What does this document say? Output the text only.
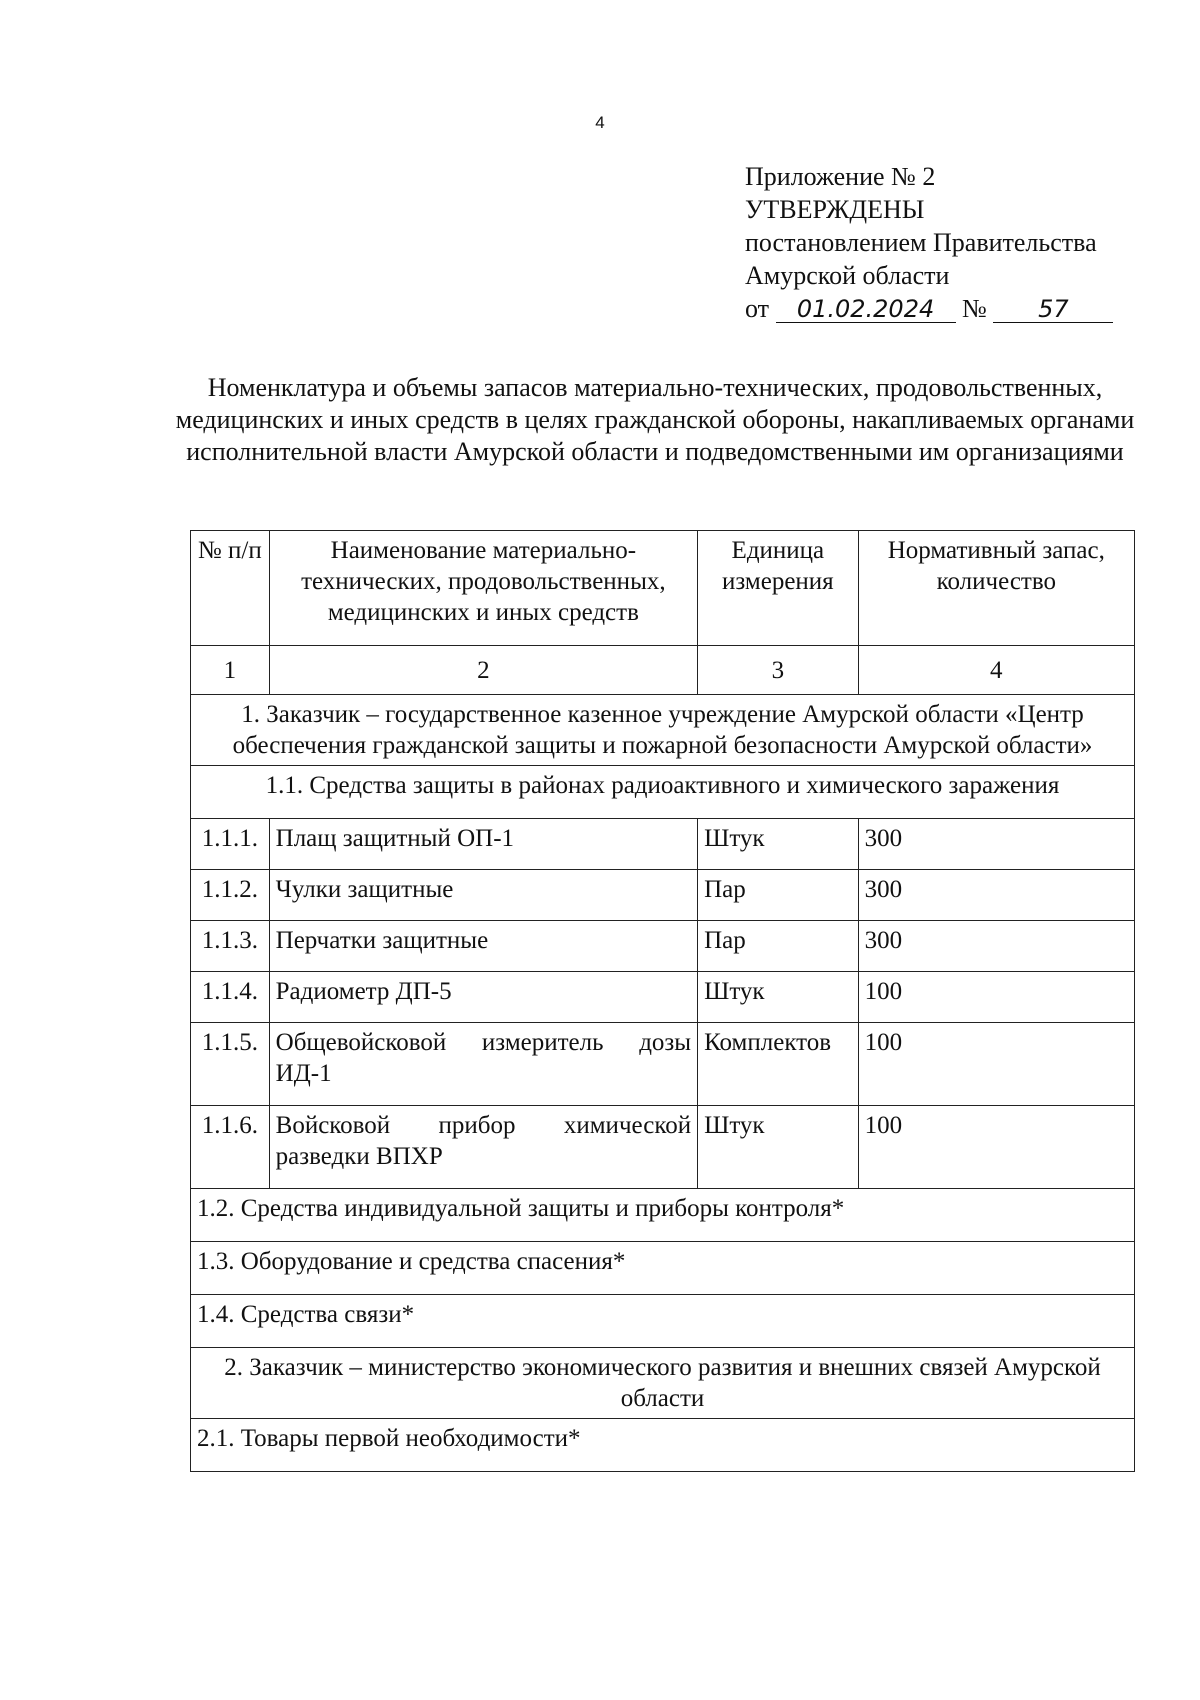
4
Приложение № 2
УТВЕРЖДЕНЫ
постановлением Правительства
Амурской области
от 01.02.2024 № 57
Номенклатура и объемы запасов материально-технических, продовольственных, медицинских и иных средств в целях гражданской обороны, накапливаемых органами исполнительной власти Амурской области и подведомственными им организациями
№ п/п	Наименование материально-технических, продовольственных, медицинских и иных средств	Единица измерения	Нормативный запас, количество
1	2	3	4
1. Заказчик – государственное казенное учреждение Амурской области «Центр обеспечения гражданской защиты и пожарной безопасности Амурской области»			
1.1. Средства защиты в районах радиоактивного и химического заражения			
1.1.1.	Плащ защитный ОП-1	Штук	300
1.1.2.	Чулки защитные	Пар	300
1.1.3.	Перчатки защитные	Пар	300
1.1.4.	Радиометр ДП-5	Штук	100
1.1.5.	Общевойсковой измеритель дозы ИД-1	Комплектов	100
1.1.6.	Войсковой прибор химической разведки ВПХР	Штук	100
1.2. Средства индивидуальной защиты и приборы контроля*			
1.3. Оборудование и средства спасения*			
1.4. Средства связи*			
2. Заказчик – министерство экономического развития и внешних связей Амурской области			
2.1. Товары первой необходимости*			
